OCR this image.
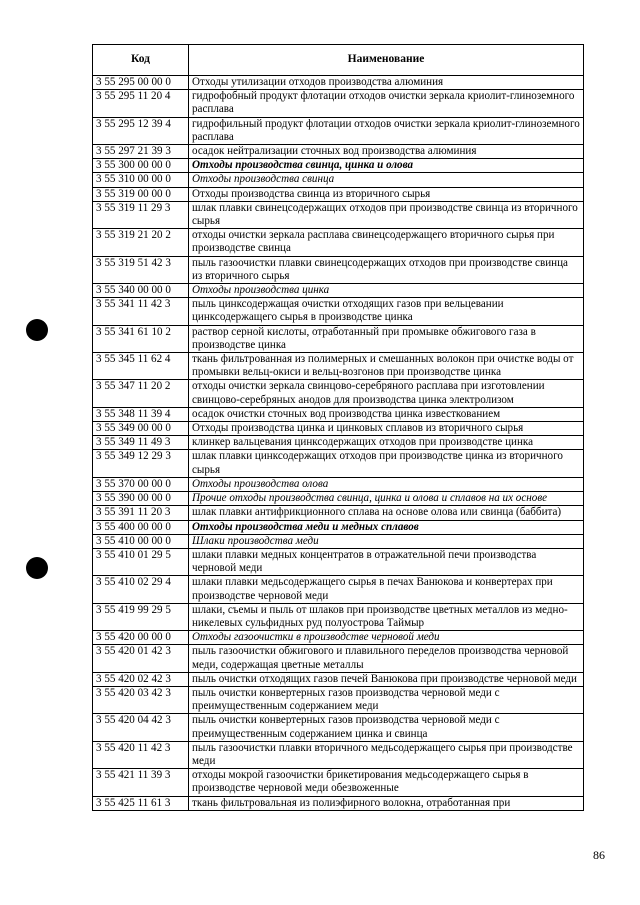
Код	Наименование
3 55 295 00 00 0	Отходы утилизации отходов производства алюминия
3 55 295 11 20 4	гидрофобный продукт флотации отходов очистки зеркала криолит-глиноземного расплава
3 55 295 12 39 4	гидрофильный продукт флотации отходов очистки зеркала криолит-глиноземного расплава
3 55 297 21 39 3	осадок нейтрализации сточных вод производства алюминия
3 55 300 00 00 0	Отходы производства свинца, цинка и олова
3 55 310 00 00 0	Отходы производства свинца
3 55 319 00 00 0	Отходы производства свинца из вторичного сырья
3 55 319 11 29 3	шлак плавки свинецсодержащих отходов при производстве свинца из вторичного сырья
3 55 319 21 20 2	отходы очистки зеркала расплава свинецсодержащего вторичного сырья при производстве свинца
3 55 319 51 42 3	пыль газоочистки плавки свинецсодержащих отходов при производстве свинца из вторичного сырья
3 55 340 00 00 0	Отходы производства цинка
3 55 341 11 42 3	пыль цинксодержащая очистки отходящих газов при вельцевании цинксодержащего сырья в производстве цинка
3 55 341 61 10 2	раствор серной кислоты, отработанный при промывке обжигового газа в производстве цинка
3 55 345 11 62 4	ткань фильтрованная из полимерных и смешанных волокон при очистке воды от промывки вельц-окиси и вельц-возгонов при производстве цинка
3 55 347 11 20 2	отходы очистки зеркала свинцово-серебряного расплава при изготовлении свинцово-серебряных анодов для производства цинка электролизом
3 55 348 11 39 4	осадок очистки сточных вод производства цинка известкованием
3 55 349 00 00 0	Отходы производства цинка и цинковых сплавов из вторичного сырья
3 55 349 11 49 3	клинкер вальцевания цинксодержащих отходов при производстве цинка
3 55 349 12 29 3	шлак плавки цинксодержащих отходов при производстве цинка из вторичного сырья
3 55 370 00 00 0	Отходы производства олова
3 55 390 00 00 0	Прочие отходы производства свинца, цинка и олова и сплавов на их основе
3 55 391 11 20 3	шлак плавки антифрикционного сплава на основе олова или свинца (баббита)
3 55 400 00 00 0	Отходы производства меди и медных сплавов
3 55 410 00 00 0	Шлаки производства меди
3 55 410 01 29 5	шлаки плавки медных концентратов в отражательной печи производства черновой меди
3 55 410 02 29 4	шлаки плавки медьсодержащего сырья в печах Ванюкова и конвертерах при производстве черновой меди
3 55 419 99 29 5	шлаки, съемы и пыль от шлаков при производстве цветных металлов из медно-никелевых сульфидных руд полуострова Таймыр
3 55 420 00 00 0	Отходы газоочистки в производстве черновой меди
3 55 420 01 42 3	пыль газоочистки обжигового и плавильного переделов производства черновой меди, содержащая цветные металлы
3 55 420 02 42 3	пыль очистки отходящих газов печей Ванюкова при производстве черновой меди
3 55 420 03 42 3	пыль очистки конвертерных газов производства черновой меди с преимущественным содержанием меди
3 55 420 04 42 3	пыль очистки конвертерных газов производства черновой меди с преимущественным содержанием цинка и свинца
3 55 420 11 42 3	пыль газоочистки плавки вторичного медьсодержащего сырья при производстве меди
3 55 421 11 39 3	отходы мокрой газоочистки брикетирования медьсодержащего сырья в производстве черновой меди обезвоженные
3 55 425 11 61 3	ткань фильтровальная из полиэфирного волокна, отработанная при
86
